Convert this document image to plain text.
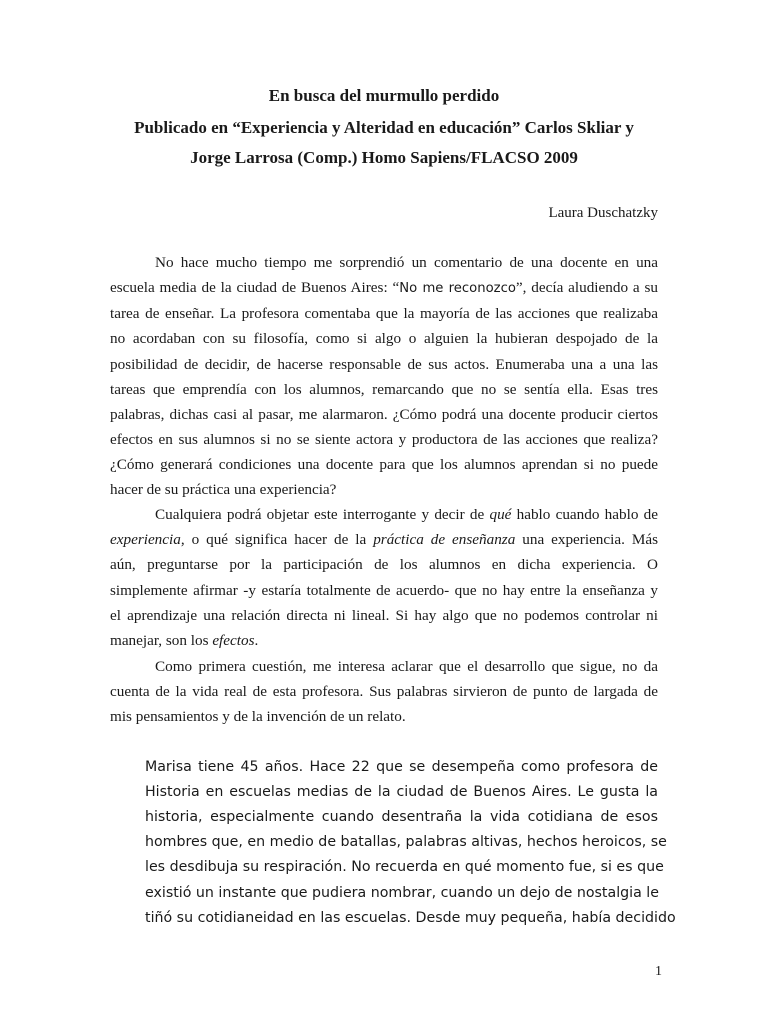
En busca del murmullo perdido

Publicado en “Experiencia y Alteridad en educación” Carlos Skliar y

Jorge Larrosa (Comp.) Homo Sapiens/FLACSO 2009

Laura Duschatzky
No hace mucho tiempo me sorprendió un comentario de una docente en una
escuela media de la ciudad de Buenos Aires: “No me reconozco”, decía aludiendo a su
tarea de enseñar. La profesora comentaba que la mayoría de las acciones que realizaba
no acordaban con su filosofía, como si algo o alguien la hubieran despojado de la
posibilidad de decidir, de hacerse responsable de sus actos. Enumeraba una a una las
tareas que emprendía con los alumnos, remarcando que no se sentía ella. Esas tres
palabras, dichas casi al pasar, me alarmaron. ¿Cómo podrá una docente producir ciertos
efectos en sus alumnos si no se siente actora y productora de las acciones que realiza?
¿Cómo generará condiciones una docente para que los alumnos aprendan si no puede
hacer de su práctica una experiencia?
Cualquiera podrá objetar este interrogante y decir de qué hablo cuando hablo de
experiencia, o qué significa hacer de la práctica de enseñanza una experiencia. Más
aún, preguntarse por la participación de los alumnos en dicha experiencia. O
simplemente afirmar -y estaría totalmente de acuerdo- que no hay entre la enseñanza y
el aprendizaje una relación directa ni lineal. Si hay algo que no podemos controlar ni
manejar, son los efectos.
Como primera cuestión, me interesa aclarar que el desarrollo que sigue, no da
cuenta de la vida real de esta profesora. Sus palabras sirvieron de punto de largada de
mis pensamientos y de la invención de un relato.
Marisa tiene 45 años. Hace 22 que se desempeña como profesora de
Historia en escuelas medias de la ciudad de Buenos Aires. Le gusta la
historia, especialmente cuando desentraña la vida cotidiana de esos
hombres que, en medio de batallas, palabras altivas, hechos heroicos, se
les desdibuja su respiración. No recuerda en qué momento fue, si es que
existió un instante que pudiera nombrar, cuando un dejo de nostalgia le
tiñó su cotidianeidad en las escuelas. Desde muy pequeña, había decidido
1
